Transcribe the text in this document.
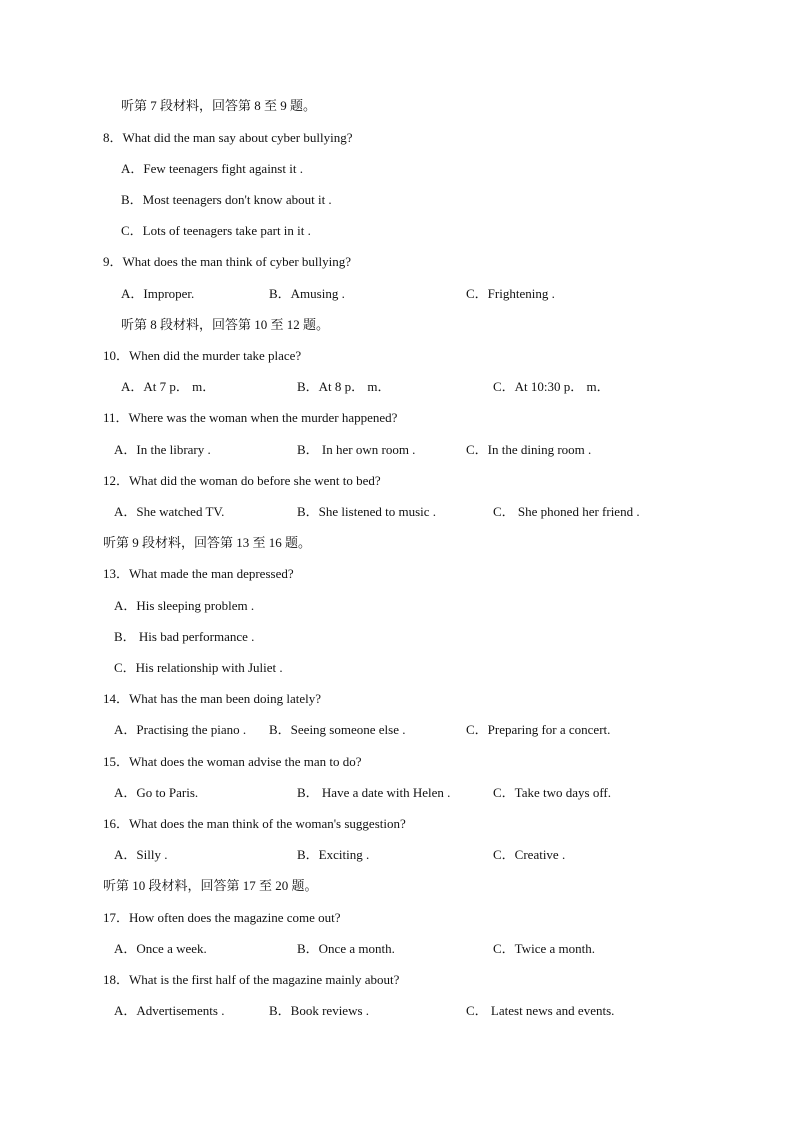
听第 7 段材料，回答第 8 至 9 题。
8．What did the man say about cyber bullying?
A．Few teenagers fight against it .
B．Most teenagers don't know about it .
C．Lots of teenagers take part in it .
9．What does the man think of cyber bullying?
A．Improper.	B．Amusing .	C．Frightening .
听第 8 段材料，回答第 10 至 12 题。
10．When did the murder take place?
A．At 7 p． m．	B．At 8 p． m．	C．At 10:30 p． m．
11．Where was the woman when the murder happened?
A．In the library .	B． In her own room .	C．In the dining room .
12．What did the woman do before she went to bed?
A．She watched TV.	B．She listened to music .	C． She phoned her friend .
听第 9 段材料，回答第 13 至 16 题。
13．What made the man depressed?
A．His sleeping problem .
B． His bad performance .
C．His relationship with Juliet .
14．What has the man been doing lately?
A．Practising the piano . B．Seeing someone else .	C．Preparing for a concert.
15．What does the woman advise the man to do?
A．Go to Paris.	B． Have a date with Helen .	C．Take two days off.
16．What does the man think of the woman's suggestion?
A．Silly .	B．Exciting .	C．Creative .
听第 10 段材料，回答第 17 至 20 题。
17．How often does the magazine come out?
A．Once a week.	B．Once a month.	C．Twice a month.
18．What is the first half of the magazine mainly about?
A．Advertisements .	B．Book reviews .	C． Latest news and events.
